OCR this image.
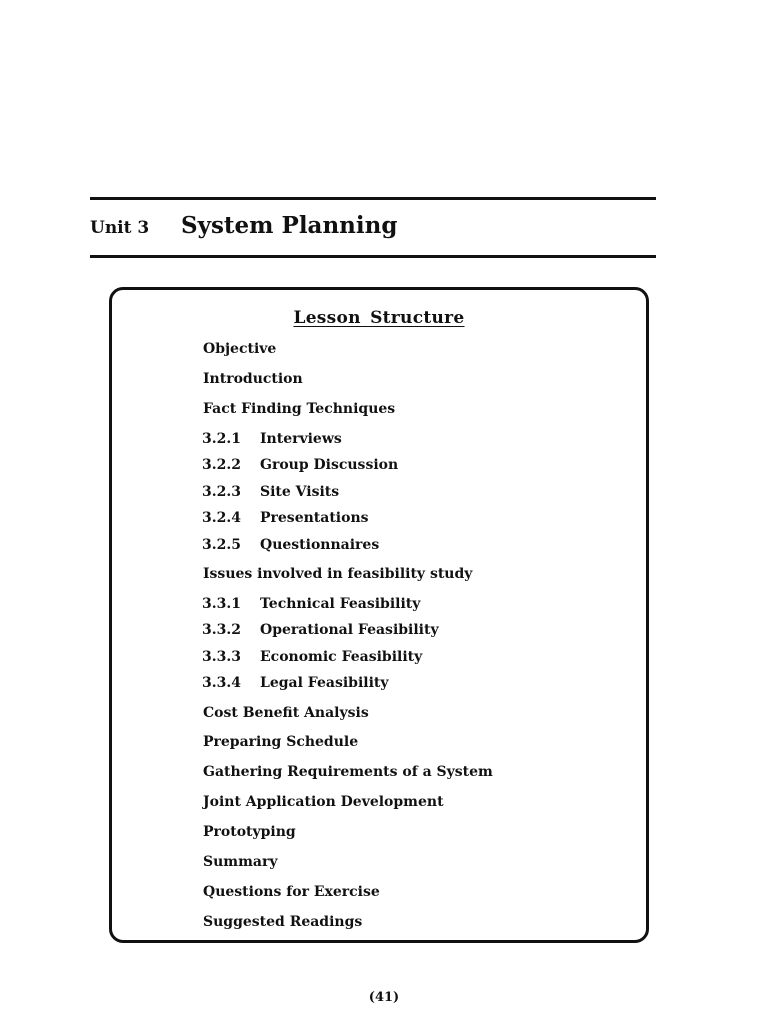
Unit 3 System Planning
Lesson Structure
Objective
Introduction
Fact Finding Techniques
3.2.1 Interviews
3.2.2 Group Discussion
3.2.3 Site Visits
3.2.4 Presentations
3.2.5 Questionnaires
Issues involved in feasibility study
3.3.1 Technical Feasibility
3.3.2 Operational Feasibility
3.3.3 Economic Feasibility
3.3.4 Legal Feasibility
Cost Benefit Analysis
Preparing Schedule
Gathering Requirements of a System
Joint Application Development
Prototyping
Summary
Questions for Exercise
Suggested Readings
(41)
